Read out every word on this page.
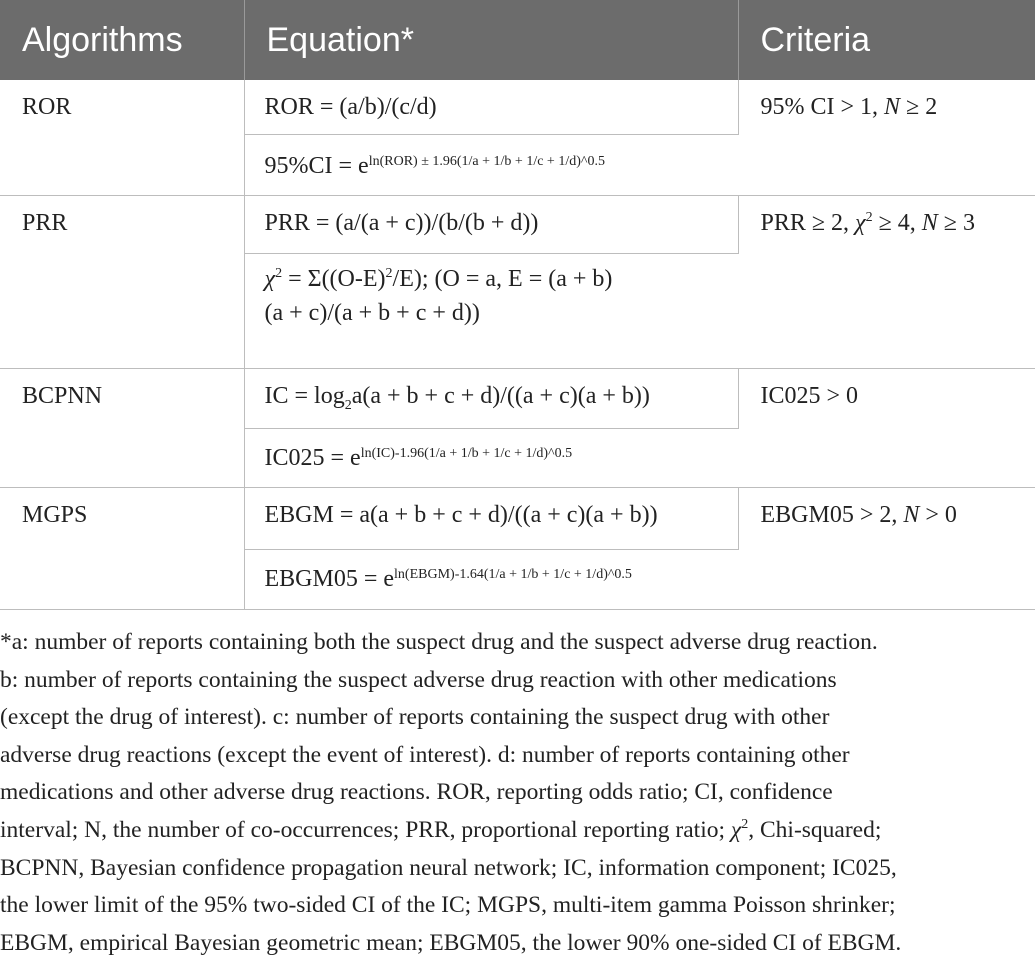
Algorithms	Equation*	Criteria
ROR	ROR = (a/b)/(c/d)	95% CI > 1, N ≥ 2
	$95\%CI = e^{ln(ROR) \pm 1.96(1/a + 1/b + 1/c + 1/d)\^{}0.5}$
PRR	PRR = (a/(a + c))/(b/(b + d))	PRR ≥ 2, $\chi^2 \ge 4$, N ≥ 3
	$\chi^2 = \Sigma((O-E)^2/E)$; (O = a, E = (a + b)
(a + c)/(a + b + c + d))	
BCPNN	IC = $\log_2a(a + b + c + d)/((a + c)(a + b))$	IC025 > 0
	$IC025 = e^{ln(IC)-1.96(1/a + 1/b + 1/c + 1/d)\^{}0.5}$
MGPS	EBGM = a(a + b + c + d)/((a + c)(a + b))	EBGM05 > 2, N > 0
	EBGM05 = $e^{ln(EBGM)-1.64(1/a + 1/b + 1/c + 1/d)\^{}0.5}$

*a: number of reports containing both the suspect drug and the suspect adverse drug reaction.

b: number of reports containing the suspect adverse drug reaction with other medications

(except the drug of interest). c: number of reports containing the suspect drug with other

adverse drug reactions (except the event of interest). d: number of reports containing other

medications and other adverse drug reactions. ROR, reporting odds ratio; CI, confidence

interval; N, the number of co-occurrences; PRR, proportional reporting ratio; $\chi^2$, Chi-squared;

BCPNN, Bayesian confidence propagation neural network; IC, information component; IC025,

the lower limit of the 95% two-sided CI of the IC; MGPS, multi-item gamma Poisson shrinker;

EBGM, empirical Bayesian geometric mean; EBGM05, the lower 90% one-sided CI of EBGM.
